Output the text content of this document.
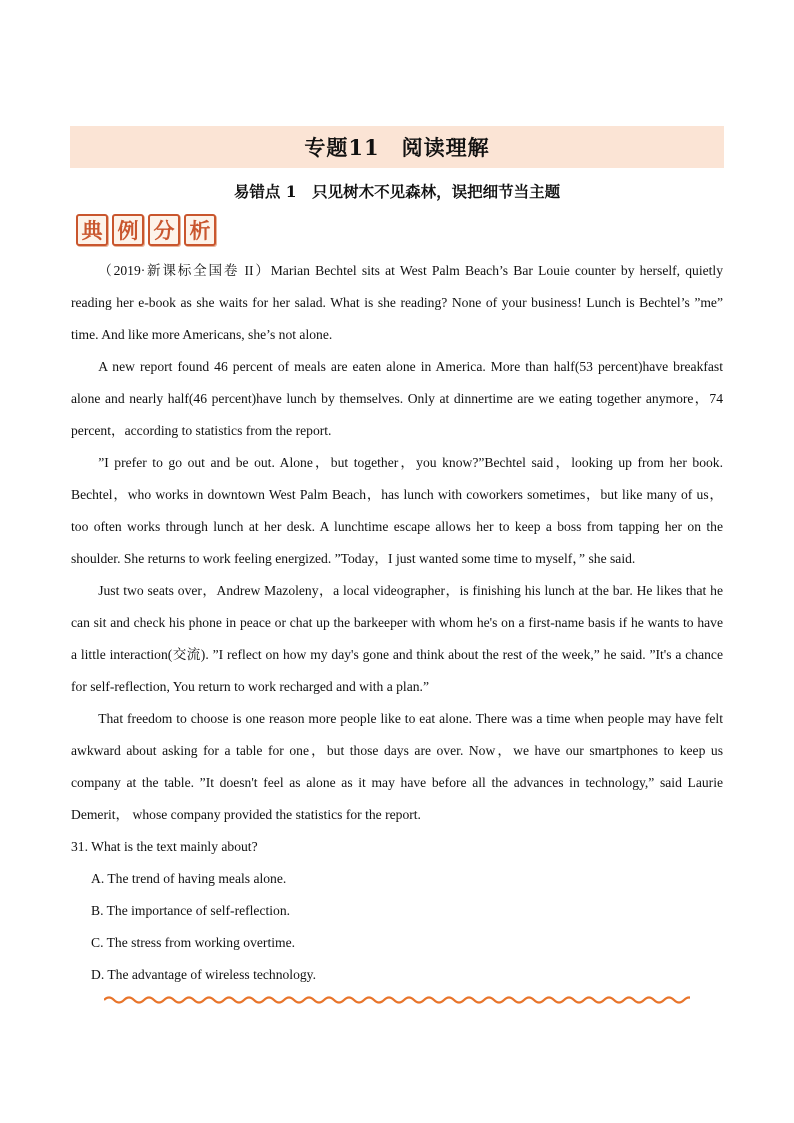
专题11　阅读理解
易错点 1　只见树木不见森林，误把细节当主题
典 例 分 析

（2019·新课标全国卷 II）Marian Bechtel sits at West Palm Beach’s Bar Louie counter by herself, quietly reading her e-book as she waits for her salad. What is she reading? None of your business! Lunch is Bechtel’s ”me” time. And like more Americans, she’s not alone.

A new report found 46 percent of meals are eaten alone in America. More than half(53 percent)have breakfast alone and nearly half(46 percent)have lunch by themselves. Only at dinnertime are we eating together anymore，74 percent，according to statistics from the report.

”I prefer to go out and be out. Alone，but together，you know?”Bechtel said，looking up from her book. Bechtel，who works in downtown West Palm Beach，has lunch with coworkers sometimes，but like many of us，too often works through lunch at her desk. A lunchtime escape allows her to keep a boss from tapping her on the shoulder. She returns to work feeling energized. ”Today，I just wanted some time to myself，” she said.

Just two seats over，Andrew Mazoleny，a local videographer，is finishing his lunch at the bar. He likes that he can sit and check his phone in peace or chat up the barkeeper with whom he's on a first-name basis if he wants to have a little interaction(交流). ”I reflect on how my day's gone and think about the rest of the week,” he said. ”It's a chance for self-reflection, You return to work recharged and with a plan.”

That freedom to choose is one reason more people like to eat alone. There was a time when people may have felt awkward about asking for a table for one，but those days are over. Now，we have our smartphones to keep us company at the table. ”It doesn't feel as alone as it may have before all the advances in technology,” said Laurie Demerit， whose company provided the statistics for the report.

31. What is the text mainly about?

A. The trend of having meals alone.
B. The importance of self-reflection.
C. The stress from working overtime.
D. The advantage of wireless technology.
